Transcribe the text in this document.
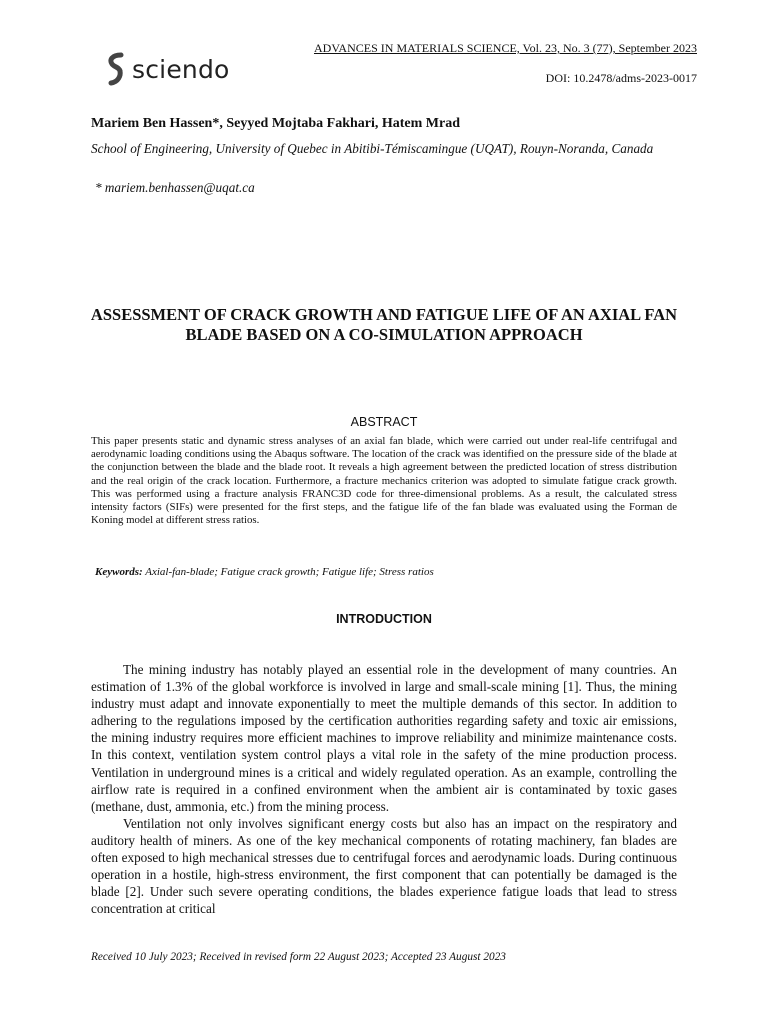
sciendo
ADVANCES IN MATERIALS SCIENCE, Vol. 23, No. 3 (77), September 2023
DOI: 10.2478/adms-2023-0017
Mariem Ben Hassen*, Seyyed Mojtaba Fakhari, Hatem Mrad
School of Engineering, University of Quebec in Abitibi-Témiscamingue (UQAT), Rouyn-Noranda, Canada
* mariem.benhassen@uqat.ca
ASSESSMENT OF CRACK GROWTH AND FATIGUE LIFE OF AN AXIAL FAN BLADE BASED ON A CO-SIMULATION APPROACH
ABSTRACT
This paper presents static and dynamic stress analyses of an axial fan blade, which were carried out under real-life centrifugal and aerodynamic loading conditions using the Abaqus software. The location of the crack was identified on the pressure side of the blade at the conjunction between the blade and the blade root. It reveals a high agreement between the predicted location of stress distribution and the real origin of the crack location. Furthermore, a fracture mechanics criterion was adopted to simulate fatigue crack growth. This was performed using a fracture analysis FRANC3D code for three-dimensional problems. As a result, the calculated stress intensity factors (SIFs) were presented for the first steps, and the fatigue life of the fan blade was evaluated using the Forman de Koning model at different stress ratios.
Keywords: Axial-fan-blade; Fatigue crack growth; Fatigue life; Stress ratios
INTRODUCTION

The mining industry has notably played an essential role in the development of many countries. An estimation of 1.3% of the global workforce is involved in large and small-scale mining [1]. Thus, the mining industry must adapt and innovate exponentially to meet the multiple demands of this sector. In addition to adhering to the regulations imposed by the certification authorities regarding safety and toxic air emissions, the mining industry requires more efficient machines to improve reliability and minimize maintenance costs. In this context, ventilation system control plays a vital role in the safety of the mine production process. Ventilation in underground mines is a critical and widely regulated operation. As an example, controlling the airflow rate is required in a confined environment when the ambient air is contaminated by toxic gases (methane, dust, ammonia, etc.) from the mining process.

Ventilation not only involves significant energy costs but also has an impact on the respiratory and auditory health of miners. As one of the key mechanical components of rotating machinery, fan blades are often exposed to high mechanical stresses due to centrifugal forces and aerodynamic loads. During continuous operation in a hostile, high-stress environment, the first component that can potentially be damaged is the blade [2]. Under such severe operating conditions, the blades experience fatigue loads that lead to stress concentration at critical

Received 10 July 2023; Received in revised form 22 August 2023; Accepted 23 August 2023
